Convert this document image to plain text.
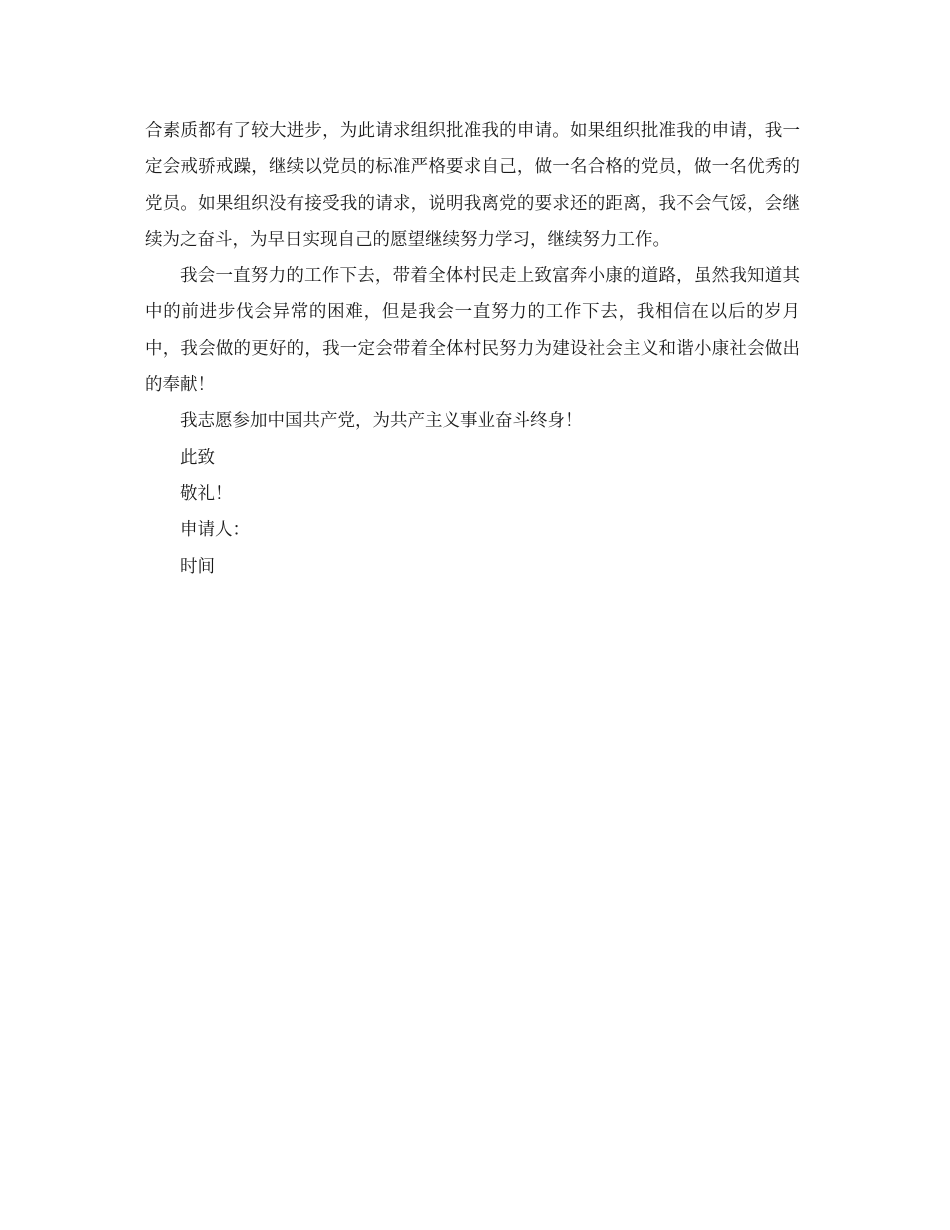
合素质都有了较大进步，为此请求组织批准我的申请。如果组织批准我的申请，我一定会戒骄戒躁，继续以党员的标准严格要求自己，做一名合格的党员，做一名优秀的党员。如果组织没有接受我的请求，说明我离党的要求还的距离，我不会气馁，会继续为之奋斗，为早日实现自己的愿望继续努力学习，继续努力工作。

我会一直努力的工作下去，带着全体村民走上致富奔小康的道路，虽然我知道其中的前进步伐会异常的困难，但是我会一直努力的工作下去，我相信在以后的岁月中，我会做的更好的，我一定会带着全体村民努力为建设社会主义和谐小康社会做出的奉献！

我志愿参加中国共产党，为共产主义事业奋斗终身！

此致
敬礼！
申请人：
时间
